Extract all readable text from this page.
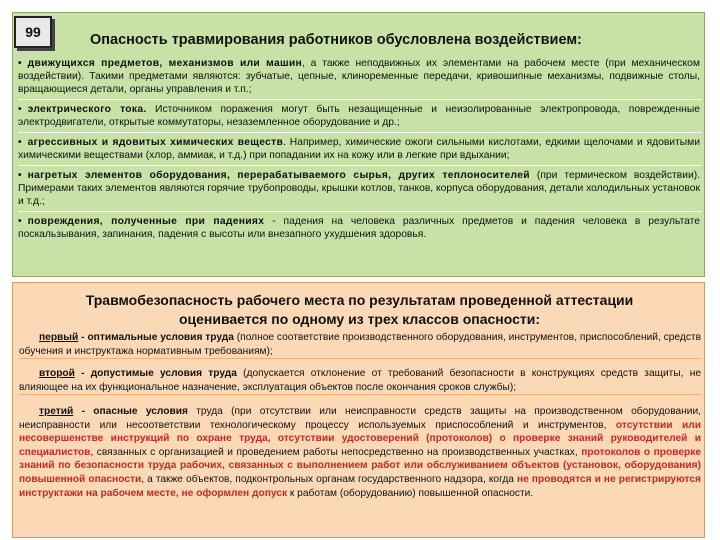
99	Опасность травмирования работников обусловлена воздействием:
• движущихся предметов, механизмов или машин, а также неподвижных их элементами на рабочем месте (при механическом воздействии). Такими предметами являются: зубчатые, цепные, клиноременные передачи, кривошипные механизмы, подвижные столы, вращающиеся детали, органы управления и т.п.;
• электрического тока. Источником поражения могут быть незащищенные и неизолированные электропровода, поврежденные электродвигатели, открытые коммутаторы, незаземленное оборудование и др.;
• агрессивных и ядовитых химических веществ. Например, химические ожоги сильными кислотами, едкими щелочами и ядовитыми химическими веществами (хлор, аммиак, и т.д.) при попадании их на кожу или в легкие при вдыхании;
• нагретых элементов оборудования, перерабатываемого сырья, других теплоносителей (при термическом воздействии). Примерами таких элементов являются горячие трубопроводы, крышки котлов, танков, корпуса оборудования, детали холодильных установок и т.д.;
• повреждения, полученные при падениях - падения на человека различных предметов и падения человека в результате поскальзывания, запинания, падения с высоты или внезапного ухудшения здоровья.
Травмобезопасность рабочего места по результатам проведенной аттестации
оценивается по одному из трех классов опасности:
первый - оптимальные условия труда (полное соответствие производственного оборудования, инструментов, приспособлений, средств обучения и инструктажа нормативным требованиям);
второй - допустимые условия труда (допускается отклонение от требований безопасности в конструкциях средств защиты, не влияющее на их функциональное назначение, эксплуатация объектов после окончания сроков службы);
третий - опасные условия труда (при отсутствии или неисправности средств защиты на производственном оборудовании, неисправности или несоответствии технологическому процессу используемых приспособлений и инструментов, отсутствии или несовершенстве инструкций по охране труда, отсутствии удостоверений (протоколов) о проверке знаний руководителей и специалистов, связанных с организацией и проведением работы непосредственно на производственных участках, протоколов о проверке знаний по безопасности труда рабочих, связанных с выполнением работ или обслуживанием объектов (установок, оборудования) повышенной опасности, а также объектов, подконтрольных органам государственного надзора, когда не проводятся и не регистрируются инструктажи на рабочем месте, не оформлен допуск к работам (оборудованию) повышенной опасности.
